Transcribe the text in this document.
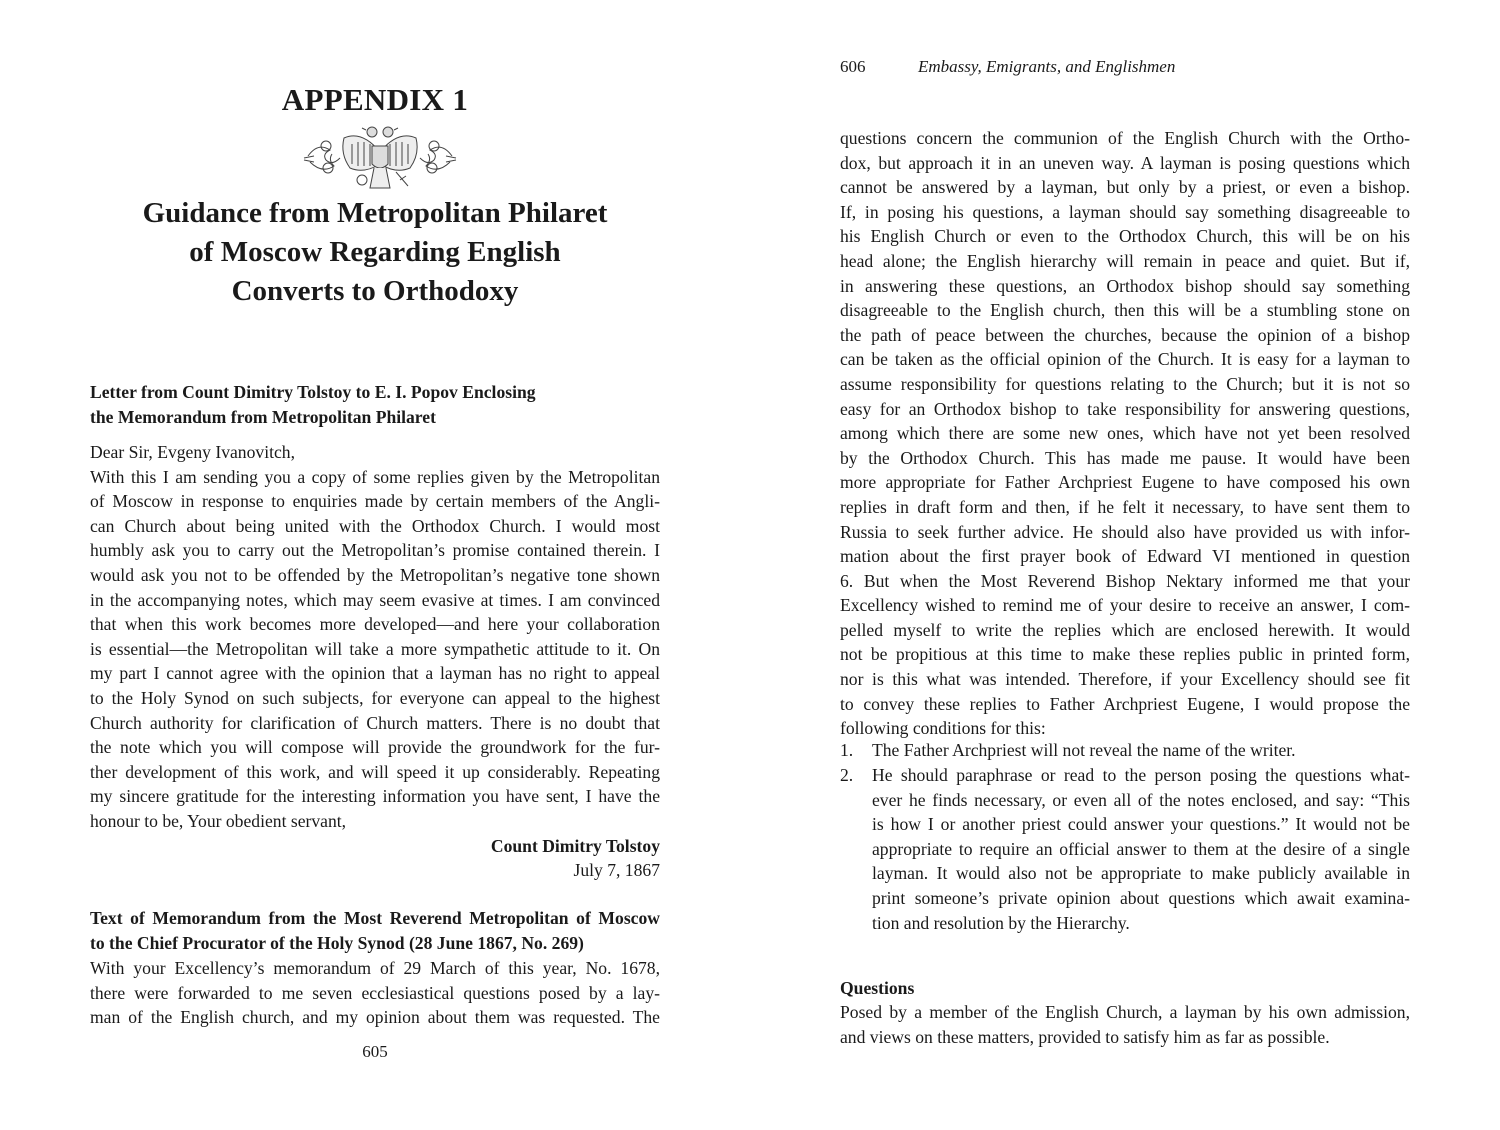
APPENDIX 1
Guidance from Metropolitan Philaret
of Moscow Regarding English
Converts to Orthodoxy
Letter from Count Dimitry Tolstoy to E. I. Popov Enclosing
the Memorandum from Metropolitan Philaret
Dear Sir, Evgeny Ivanovitch,
With this I am sending you a copy of some replies given by the Metropolitan
of Moscow in response to enquiries made by certain members of the Angli-
can Church about being united with the Orthodox Church. I would most
humbly ask you to carry out the Metropolitan’s promise contained therein. I
would ask you not to be offended by the Metropolitan’s negative tone shown
in the accompanying notes, which may seem evasive at times. I am convinced
that when this work becomes more developed—and here your collaboration
is essential—the Metropolitan will take a more sympathetic attitude to it. On
my part I cannot agree with the opinion that a layman has no right to appeal
to the Holy Synod on such subjects, for everyone can appeal to the highest
Church authority for clarification of Church matters. There is no doubt that
the note which you will compose will provide the groundwork for the fur-
ther development of this work, and will speed it up considerably. Repeating
my sincere gratitude for the interesting information you have sent, I have the
honour to be, Your obedient servant,
Count Dimitry Tolstoy
July 7, 1867
Text of Memorandum from the Most Reverend Metropolitan of Moscow
to the Chief Procurator of the Holy Synod (28 June 1867, No. 269)
With your Excellency’s memorandum of 29 March of this year, No. 1678,
there were forwarded to me seven ecclesiastical questions posed by a lay-
man of the English church, and my opinion about them was requested. The
605
606	Embassy, Emigrants, and Englishmen
questions concern the communion of the English Church with the Ortho-
dox, but approach it in an uneven way. A layman is posing questions which
cannot be answered by a layman, but only by a priest, or even a bishop.
If, in posing his questions, a layman should say something disagreeable to
his English Church or even to the Orthodox Church, this will be on his
head alone; the English hierarchy will remain in peace and quiet. But if,
in answering these questions, an Orthodox bishop should say something
disagreeable to the English church, then this will be a stumbling stone on
the path of peace between the churches, because the opinion of a bishop
can be taken as the official opinion of the Church. It is easy for a layman to
assume responsibility for questions relating to the Church; but it is not so
easy for an Orthodox bishop to take responsibility for answering questions,
among which there are some new ones, which have not yet been resolved
by the Orthodox Church. This has made me pause. It would have been
more appropriate for Father Archpriest Eugene to have composed his own
replies in draft form and then, if he felt it necessary, to have sent them to
Russia to seek further advice. He should also have provided us with infor-
mation about the first prayer book of Edward VI mentioned in question
6. But when the Most Reverend Bishop Nektary informed me that your
Excellency wished to remind me of your desire to receive an answer, I com-
pelled myself to write the replies which are enclosed herewith. It would
not be propitious at this time to make these replies public in printed form,
nor is this what was intended. Therefore, if your Excellency should see fit
to convey these replies to Father Archpriest Eugene, I would propose the
following conditions for this:
1.	The Father Archpriest will not reveal the name of the writer.
2.	He should paraphrase or read to the person posing the questions what-
ever he finds necessary, or even all of the notes enclosed, and say: “This
is how I or another priest could answer your questions.” It would not be
appropriate to require an official answer to them at the desire of a single
layman. It would also not be appropriate to make publicly available in
print someone’s private opinion about questions which await examina-
tion and resolution by the Hierarchy.
Questions
Posed by a member of the English Church, a layman by his own admission,
and views on these matters, provided to satisfy him as far as possible.
